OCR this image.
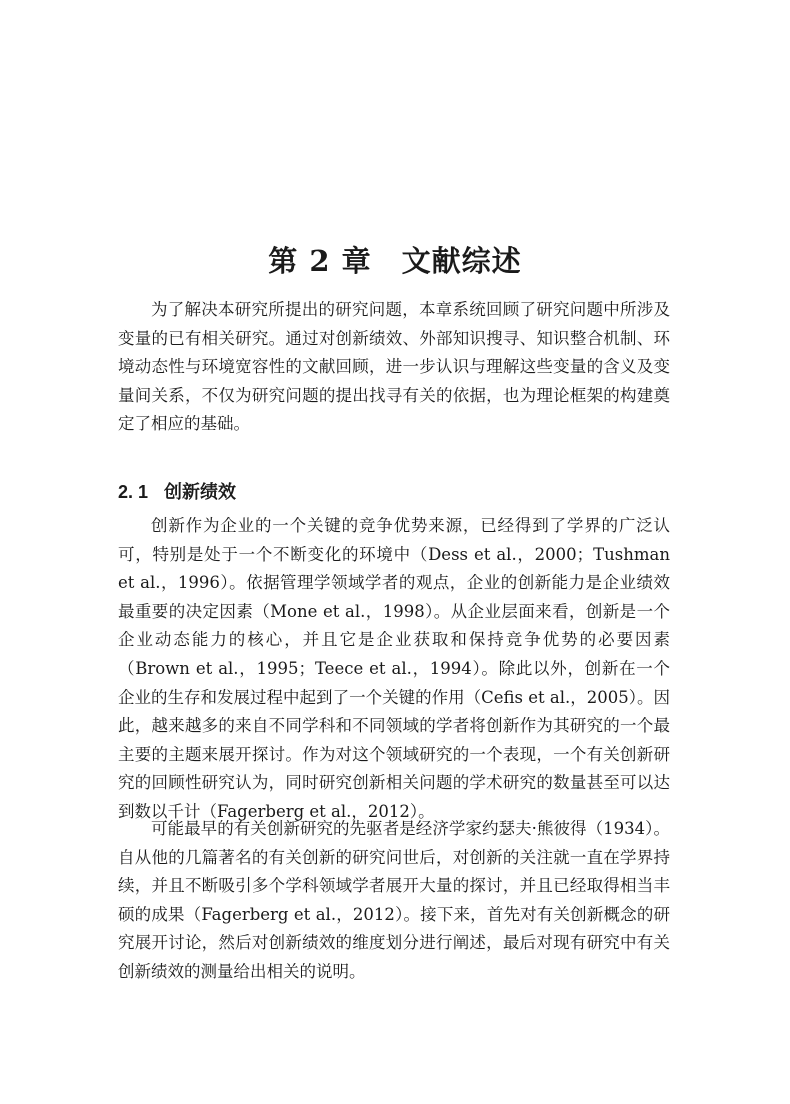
第 2 章 文献综述

为了解决本研究所提出的研究问题，本章系统回顾了研究问题中所涉及变量的已有相关研究。通过对创新绩效、外部知识搜寻、知识整合机制、环境动态性与环境宽容性的文献回顾，进一步认识与理解这些变量的含义及变量间关系，不仅为研究问题的提出找寻有关的依据，也为理论框架的构建奠定了相应的基础。

2. 1 创新绩效

创新作为企业的一个关键的竞争优势来源，已经得到了学界的广泛认可，特别是处于一个不断变化的环境中（Dess et al.，2000；Tushman et al.，1996）。依据管理学领域学者的观点，企业的创新能力是企业绩效最重要的决定因素（Mone et al.，1998）。从企业层面来看，创新是一个企业动态能力的核心，并且它是企业获取和保持竞争优势的必要因素（Brown et al.，1995；Teece et al.，1994）。除此以外，创新在一个企业的生存和发展过程中起到了一个关键的作用（Cefis et al.，2005）。因此，越来越多的来自不同学科和不同领域的学者将创新作为其研究的一个最主要的主题来展开探讨。作为对这个领域研究的一个表现，一个有关创新研究的回顾性研究认为，同时研究创新相关问题的学术研究的数量甚至可以达到数以千计（Fagerberg et al.，2012）。

可能最早的有关创新研究的先驱者是经济学家约瑟夫·熊彼得（1934）。自从他的几篇著名的有关创新的研究问世后，对创新的关注就一直在学界持续，并且不断吸引多个学科领域学者展开大量的探讨，并且已经取得相当丰硕的成果（Fagerberg et al.，2012）。接下来，首先对有关创新概念的研究展开讨论，然后对创新绩效的维度划分进行阐述，最后对现有研究中有关创新绩效的测量给出相关的说明。
